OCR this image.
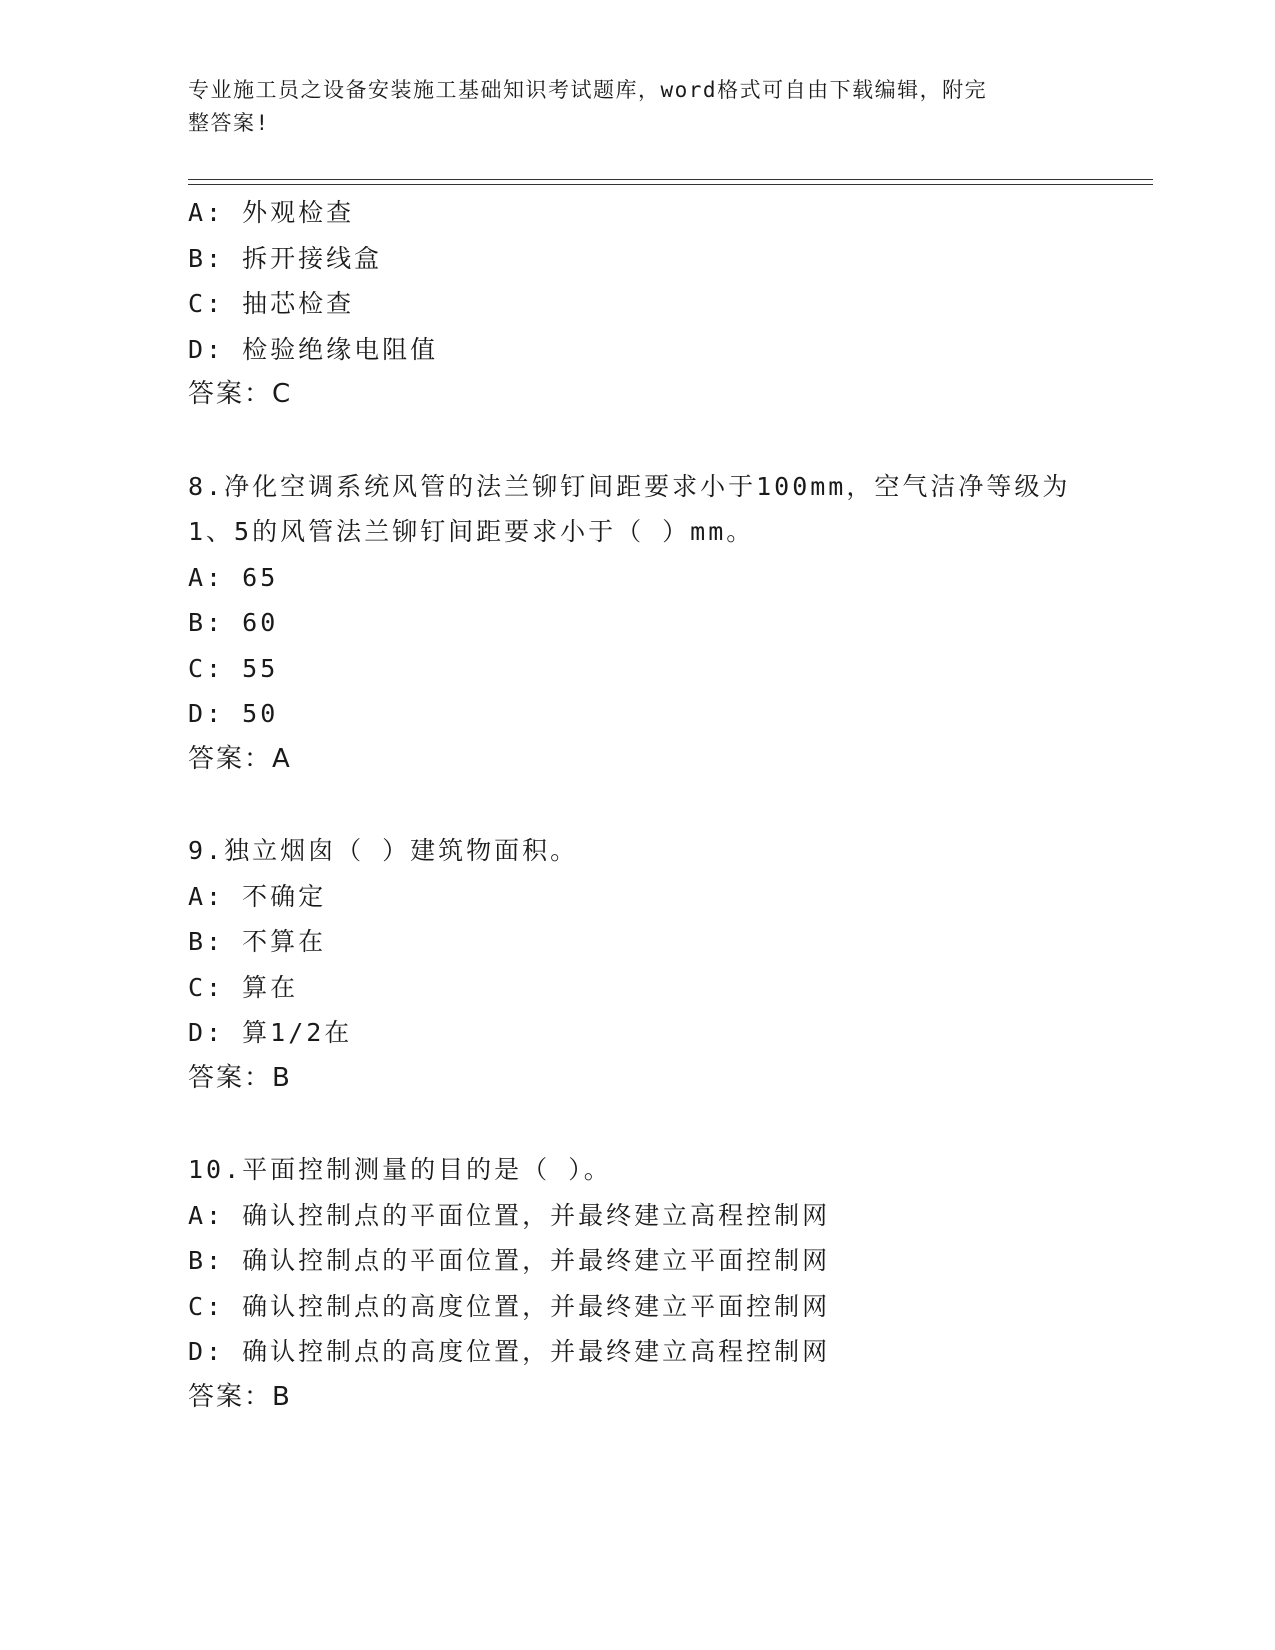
专业施工员之设备安装施工基础知识考试题库，word格式可自由下载编辑，附完
整答案!
A: 外观检查
B: 拆开接线盒
C: 抽芯检查
D: 检验绝缘电阻值
答案：C
8.净化空调系统风管的法兰铆钉间距要求小于100mm，空气洁净等级为
1、5的风管法兰铆钉间距要求小于（ ）mm。
A: 65
B: 60
C: 55
D: 50
答案：A
9.独立烟囱（ ）建筑物面积。
A: 不确定
B: 不算在
C: 算在
D: 算1/2在
答案：B
10.平面控制测量的目的是（ ）。
A: 确认控制点的平面位置，并最终建立高程控制网
B: 确认控制点的平面位置，并最终建立平面控制网
C: 确认控制点的高度位置，并最终建立平面控制网
D: 确认控制点的高度位置，并最终建立高程控制网
答案：B
